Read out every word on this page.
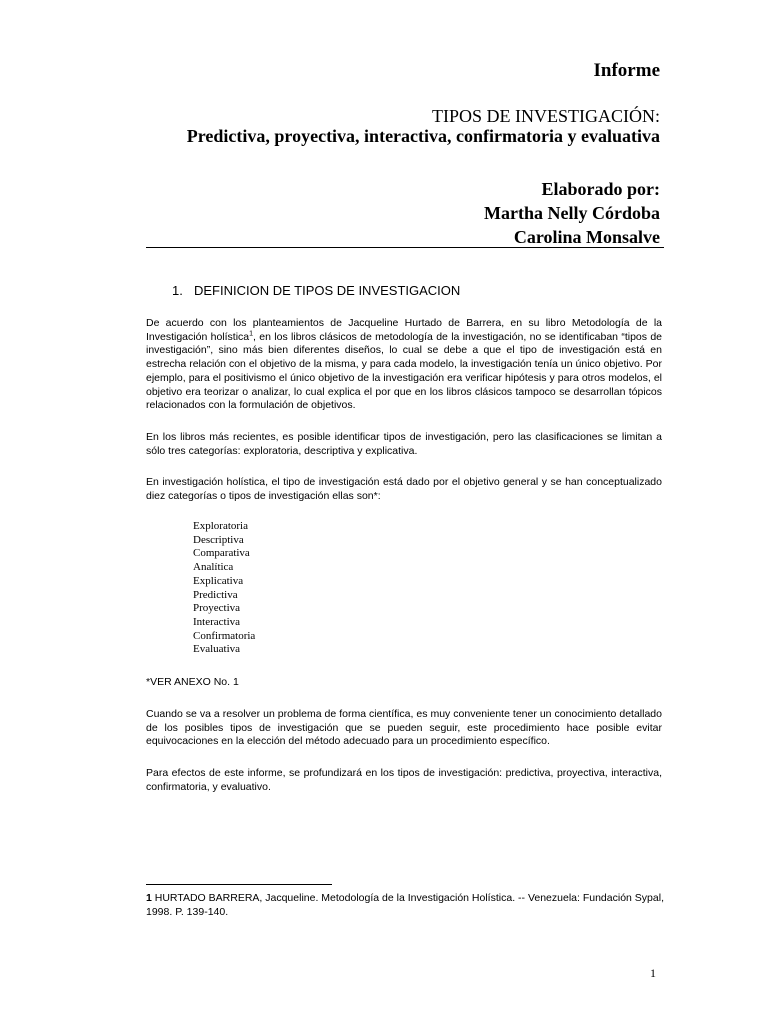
Informe
TIPOS DE INVESTIGACIÓN:
Predictiva, proyectiva, interactiva, confirmatoria y evaluativa
Elaborado por:
Martha Nelly Córdoba
Carolina Monsalve
1. DEFINICION DE TIPOS DE INVESTIGACION
De acuerdo con los planteamientos de Jacqueline Hurtado de Barrera, en su libro Metodología de la Investigación holística$^1$, en los libros clásicos de metodología de la investigación, no se identificaban “tipos de investigación”, sino más bien diferentes diseños, lo cual se debe a que el tipo de investigación está en estrecha relación con el objetivo de la misma, y para cada modelo, la investigación tenía un único objetivo. Por ejemplo, para el positivismo el único objetivo de la investigación era verificar hipótesis y para otros modelos, el objetivo era teorizar o analizar, lo cual explica el por que en los libros clásicos tampoco se desarrollan tópicos relacionados con la formulación de objetivos.
En los libros más recientes, es posible identificar tipos de investigación, pero las clasificaciones se limitan a sólo tres categorías: exploratoria, descriptiva y explicativa.
En investigación holística, el tipo de investigación está dado por el objetivo general y se han conceptualizado diez categorías o tipos de investigación ellas son*:
Exploratoria
Descriptiva
Comparativa
Analítica
Explicativa
Predictiva
Proyectiva
Interactiva
Confirmatoria
Evaluativa
*VER ANEXO No. 1
Cuando se va a resolver un problema de forma científica, es muy conveniente tener un conocimiento detallado de los posibles tipos de investigación que se pueden seguir, este procedimiento hace posible evitar equivocaciones en la elección del método adecuado para un procedimiento específico.
Para efectos de este informe, se profundizará en los tipos de investigación: predictiva, proyectiva, interactiva, confirmatoria, y evaluativo.
1 HURTADO BARRERA, Jacqueline. Metodología de la Investigación Holística. -- Venezuela: Fundación Sypal, 1998. P. 139-140.
1
